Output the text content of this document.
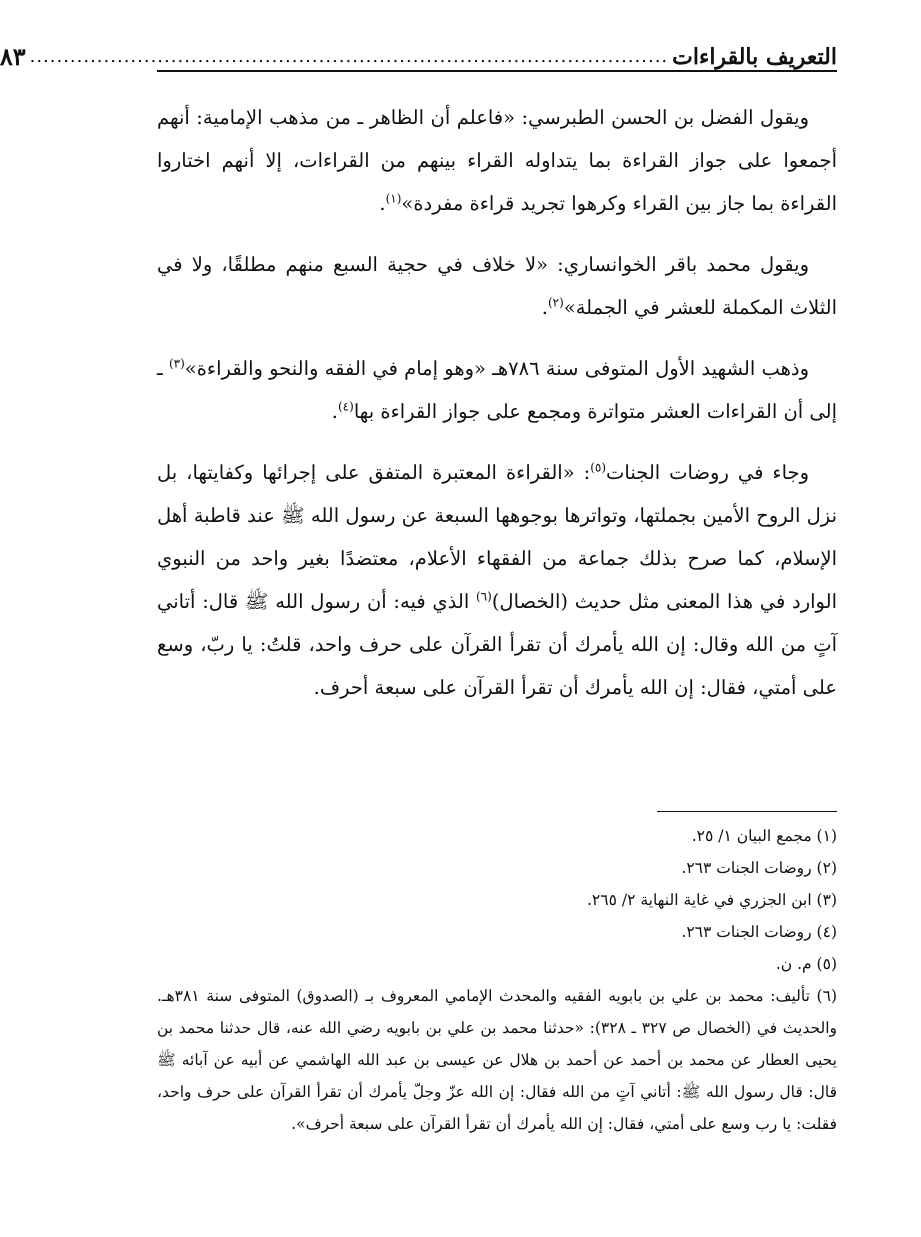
التعريف بالقراءات
...............................................................................................
٨٣

ويقول الفضل بن الحسن الطبرسي: «فاعلم أن الظاهر ـ من مذهب الإمامية: أنهم أجمعوا على جواز القراءة بما يتداوله القراء بينهم من القراءات، إلا أنهم اختاروا القراءة بما جاز بين القراء وكرهوا تجريد قراءة مفردة»$^{(١)}$.

ويقول محمد باقر الخوانساري: «لا خلاف في حجية السبع منهم مطلقًا، ولا في الثلاث المكملة للعشر في الجملة»$^{(٢)}$.

وذهب الشهيد الأول المتوفى سنة ٧٨٦هـ «وهو إمام في الفقه والنحو والقراءة»$^{(٣)}$ ـ إلى أن القراءات العشر متواترة ومجمع على جواز القراءة بها$^{(٤)}$.

وجاء في روضات الجنات$^{(٥)}$: «القراءة المعتبرة المتفق على إجرائها وكفايتها، بل نزل الروح الأمين بجملتها، وتواترها بوجوهها السبعة عن رسول الله ﷺ عند قاطبة أهل الإسلام، كما صرح بذلك جماعة من الفقهاء الأعلام، معتضدًا بغير واحد من النبوي الوارد في هذا المعنى مثل حديث (الخصال)$^{(٦)}$ الذي فيه: أن رسول الله ﷺ قال: أتاني آتٍ من الله وقال: إن الله يأمرك أن تقرأ القرآن على حرف واحد، قلتُ: يا ربّ، وسع على أمتي، فقال: إن الله يأمرك أن تقرأ القرآن على سبعة أحرف.

(١) مجمع البيان ١/ ٢٥.

(٢) روضات الجنات ٢٦٣.

(٣) ابن الجزري في غاية النهاية ٢/ ٢٦٥.

(٤) روضات الجنات ٢٦٣.

(٥) م. ن.

(٦) تأليف: محمد بن علي بن بابويه الفقيه والمحدث الإمامي المعروف بـ (الصدوق) المتوفى سنة ٣٨١هـ. والحديث في (الخصال ص ٣٢٧ ـ ٣٢٨): «حدثنا محمد بن علي بن بابويه رضي الله عنه، قال حدثنا محمد بن يحيى العطار عن محمد بن أحمد عن أحمد بن هلال عن عيسى بن عبد الله الهاشمي عن أبيه عن آبائه ﷺ قال: قال رسول الله ﷺ: أتاني آتٍ من الله فقال: إن الله عزّ وجلّ يأمرك أن تقرأ القرآن على حرف واحد، فقلت: يا رب وسع على أمتي، فقال: إن الله يأمرك أن تقرأ القرآن على سبعة أحرف».
